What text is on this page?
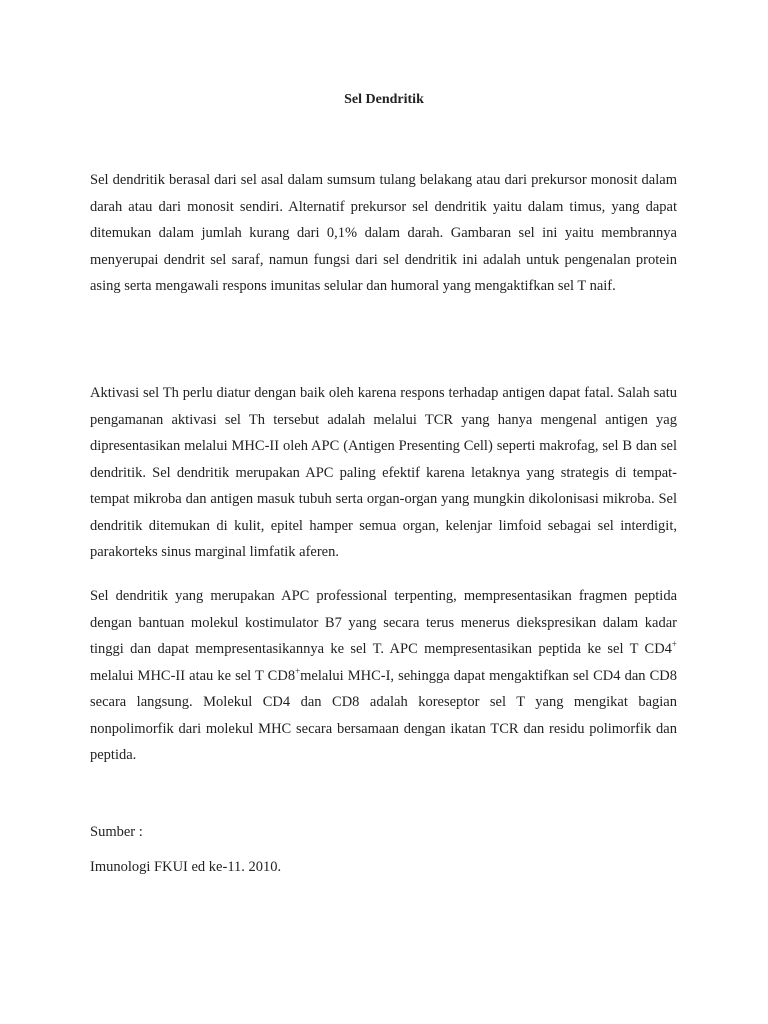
Sel Dendritik

Sel dendritik berasal dari sel asal dalam sumsum tulang belakang atau dari prekursor monosit dalam darah atau dari monosit sendiri. Alternatif prekursor sel dendritik yaitu dalam timus, yang dapat ditemukan dalam jumlah kurang dari 0,1% dalam darah. Gambaran sel ini yaitu membrannya menyerupai dendrit sel saraf, namun fungsi dari sel dendritik ini adalah untuk pengenalan protein asing serta mengawali respons imunitas selular dan humoral yang mengaktifkan sel T naif.

Aktivasi sel Th perlu diatur dengan baik oleh karena respons terhadap antigen dapat fatal. Salah satu pengamanan aktivasi sel Th tersebut adalah melalui TCR yang hanya mengenal antigen yag dipresentasikan melalui MHC-II oleh APC (Antigen Presenting Cell) seperti makrofag, sel B dan sel dendritik. Sel dendritik merupakan APC paling efektif karena letaknya yang strategis di tempat-tempat mikroba dan antigen masuk tubuh serta organ-organ yang mungkin dikolonisasi mikroba. Sel dendritik ditemukan di kulit, epitel hamper semua organ, kelenjar limfoid sebagai sel interdigit, parakorteks sinus marginal limfatik aferen.

Sel dendritik yang merupakan APC professional terpenting, mempresentasikan fragmen peptida dengan bantuan molekul kostimulator B7 yang secara terus menerus diekspresikan dalam kadar tinggi dan dapat mempresentasikannya ke sel T. APC mempresentasikan peptida ke sel T CD4+ melalui MHC-II atau ke sel T CD8+melalui MHC-I, sehingga dapat mengaktifkan sel CD4 dan CD8 secara langsung. Molekul CD4 dan CD8 adalah koreseptor sel T yang mengikat bagian nonpolimorfik dari molekul MHC secara bersamaan dengan ikatan TCR dan residu polimorfik dan peptida.

Sumber :
Imunologi FKUI ed ke-11. 2010.
